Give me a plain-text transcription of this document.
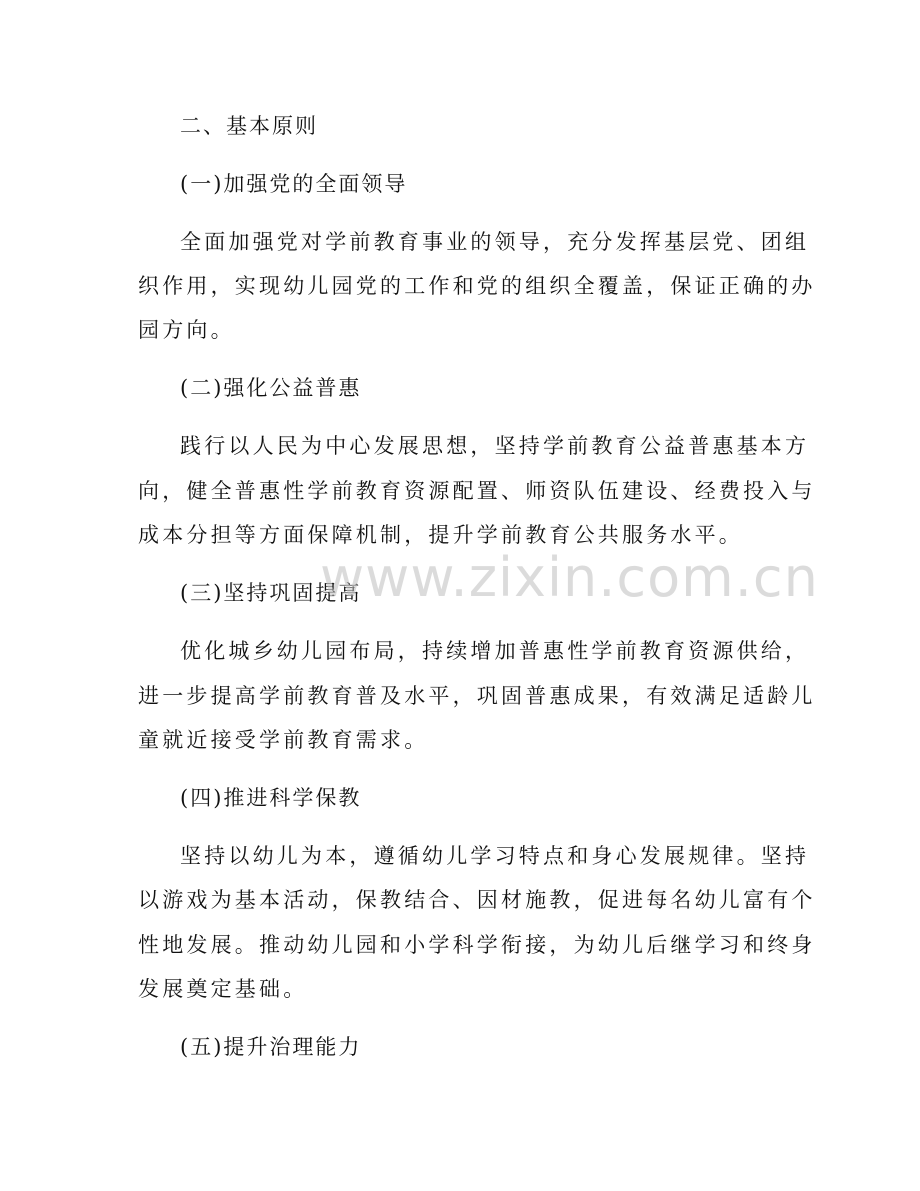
二、基本原则
(一)加强党的全面领导
全面加强党对学前教育事业的领导，充分发挥基层党、团组
织作用，实现幼儿园党的工作和党的组织全覆盖，保证正确的办
园方向。
(二)强化公益普惠
践行以人民为中心发展思想，坚持学前教育公益普惠基本方
向，健全普惠性学前教育资源配置、师资队伍建设、经费投入与
成本分担等方面保障机制，提升学前教育公共服务水平。
(三)坚持巩固提高
优化城乡幼儿园布局，持续增加普惠性学前教育资源供给，
进一步提高学前教育普及水平，巩固普惠成果，有效满足适龄儿
童就近接受学前教育需求。
(四)推进科学保教
坚持以幼儿为本，遵循幼儿学习特点和身心发展规律。坚持
以游戏为基本活动，保教结合、因材施教，促进每名幼儿富有个
性地发展。推动幼儿园和小学科学衔接，为幼儿后继学习和终身
发展奠定基础。
(五)提升治理能力
www.zixin.com.cn
